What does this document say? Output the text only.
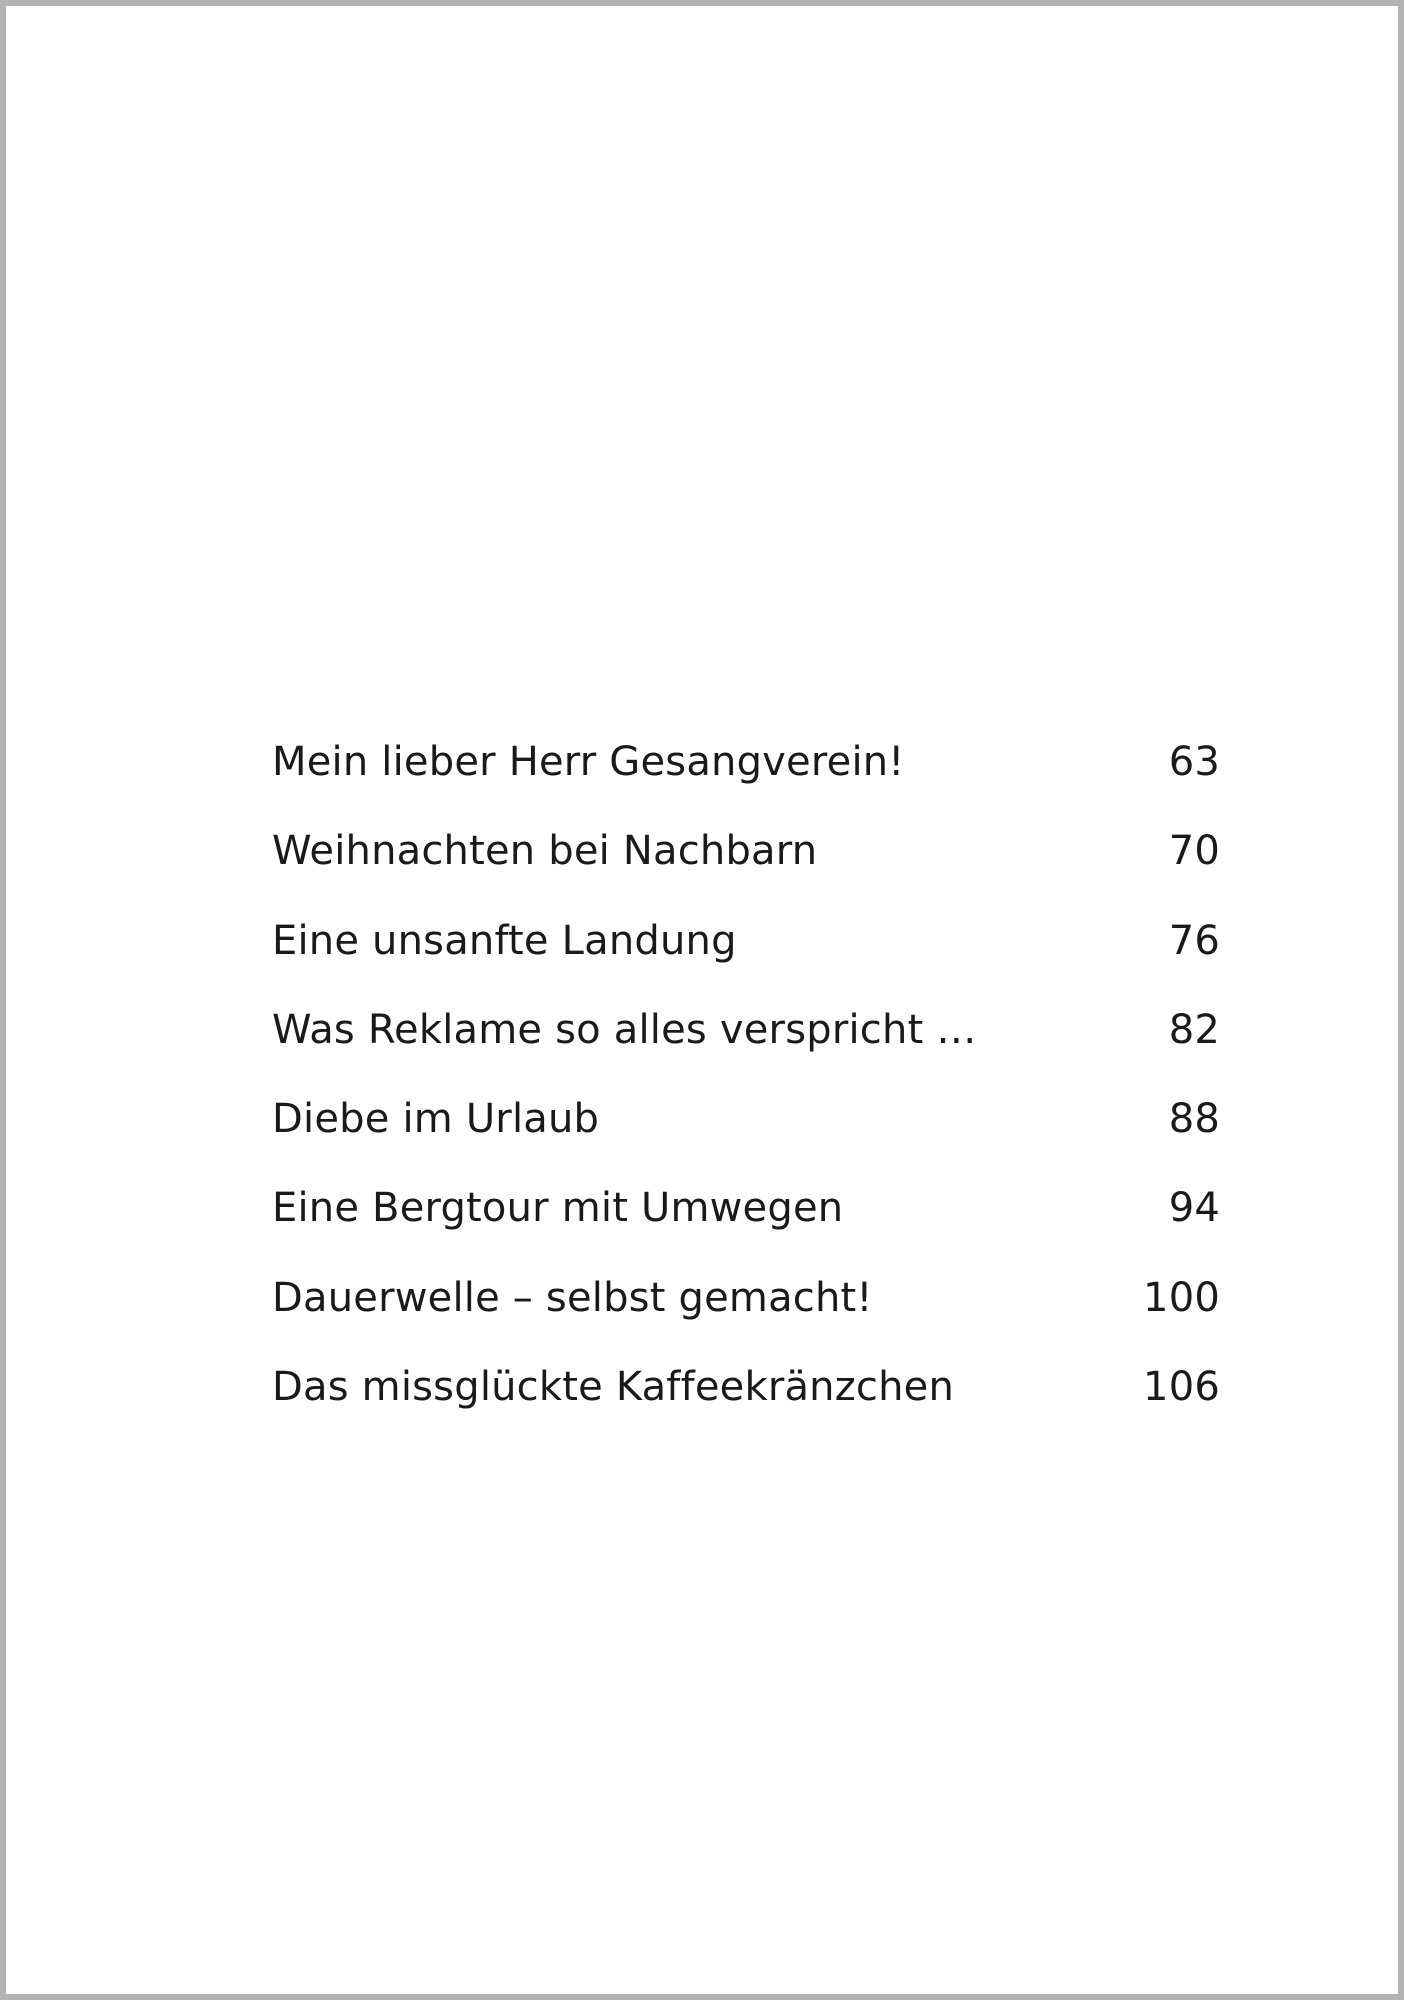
Mein lieber Herr Gesangverein!	63
Weihnachten bei Nachbarn	70
Eine unsanfte Landung	76
Was Reklame so alles verspricht …	82
Diebe im Urlaub	88
Eine Bergtour mit Umwegen	94
Dauerwelle – selbst gemacht!	100
Das missglückte Kaffeekränzchen	106
